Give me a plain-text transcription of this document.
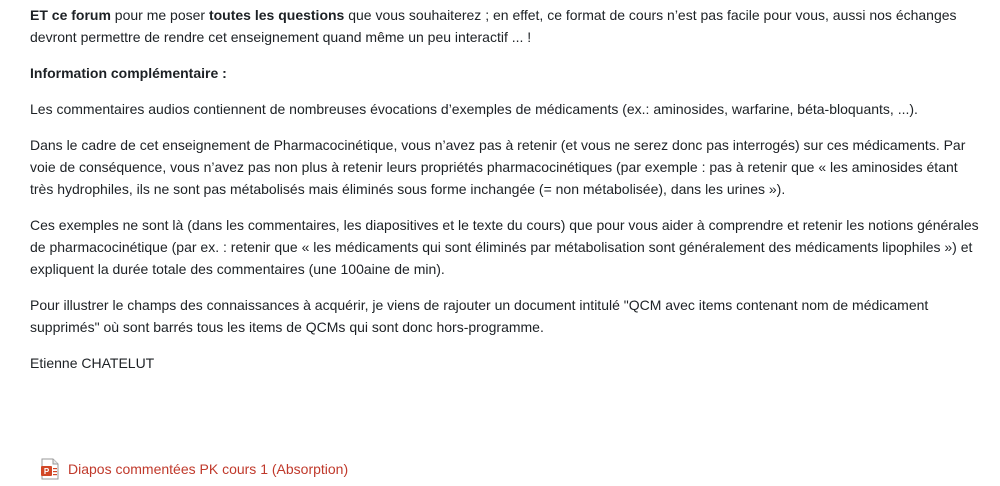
ET ce forum pour me poser toutes les questions que vous souhaiterez ; en effet, ce format de cours n’est pas facile pour vous, aussi nos échanges devront permettre de rendre cet enseignement quand même un peu interactif ... !

Information complémentaire :

Les commentaires audios contiennent de nombreuses évocations d’exemples de médicaments (ex.: aminosides, warfarine, béta-bloquants, ...).

Dans le cadre de cet enseignement de Pharmacocinétique, vous n’avez pas à retenir (et vous ne serez donc pas interrogés) sur ces médicaments. Par voie de conséquence, vous n’avez pas non plus à retenir leurs propriétés pharmacocinétiques (par exemple : pas à retenir que « les aminosides étant très hydrophiles, ils ne sont pas métabolisés mais éliminés sous forme inchangée (= non métabolisée), dans les urines »).

Ces exemples ne sont là (dans les commentaires, les diapositives et le texte du cours) que pour vous aider à comprendre et retenir les notions générales de pharmacocinétique (par ex. : retenir que « les médicaments qui sont éliminés par métabolisation sont généralement des médicaments lipophiles ») et expliquent la durée totale des commentaires (une 100aine de min).

Pour illustrer le champs des connaissances à acquérir, je viens de rajouter un document intitulé "QCM avec items contenant nom de médicament supprimés" où sont barrés tous les items de QCMs qui sont donc hors-programme.

Etienne CHATELUT

P Diapos commentées PK cours 1 (Absorption)
